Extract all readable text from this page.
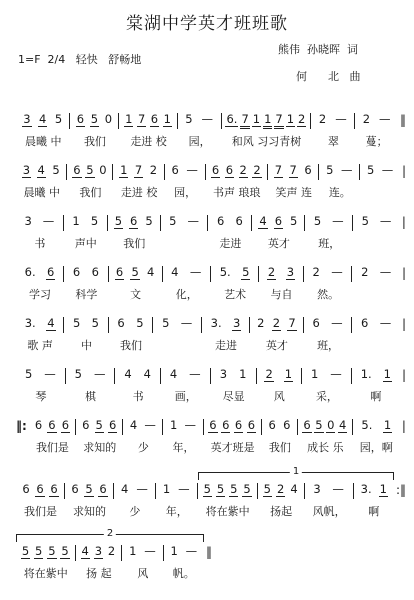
棠湖中学英才班班歌
1=F  2/4   轻快   舒畅地
熊伟  孙晓晖  词
何      北   曲
3 4 5
晨曦 中
6 5 0
我们
1 7 6 1
走进 校
5 —
园，
6. 7 1 1 7 1 2
和风 习习青树
2 —
翠
2 —
蔓；
‖
3 4 5
晨曦 中
6 5 0
我们
1 7 2
走进 校
6 —
园，
6 6 2 2
书声 琅琅
7 7 6
笑声 连
5 —
连。
5 — |
3 —
书
1 5
声中
5 6 5
我们
5 — 6 6
走进
4 6 5
英才
5 —
班，
5 — |
6. 6
学习
6 6
科学
6 5 4
文
4 —
化，
5. 5
艺术
2 3
与自
2 —
然。
2 — |
3. 4
歌 声
5 5
中
6 5
我们
5 — 3. 3
走进
2 2 7
英才
6 —
班，
6 — |
5 —
琴
5 —
棋
4 4
书
4 —
画，
3 1
尽显
2 1
风
1 —
采，
1. 1
啊
|
‖: 6 6 6
我们是
6 5 6
求知的
4 —
少
1 —
年，
6 6 6 6
英才班是
6 6
我们
6 5 0 4
成长 乐
5. 1
园，啊
|
6 6 6
我们是
6 5 6
求知的
4 —
少
1 —
年，
5 5 5 5
将在紫中
5 2 4
扬起
3 —
风帆，
3. 1
啊
:‖
1
5 5 5 5
将在紫中
4 3 2
扬 起
1 —
风
1 —
帆。
‖
2
